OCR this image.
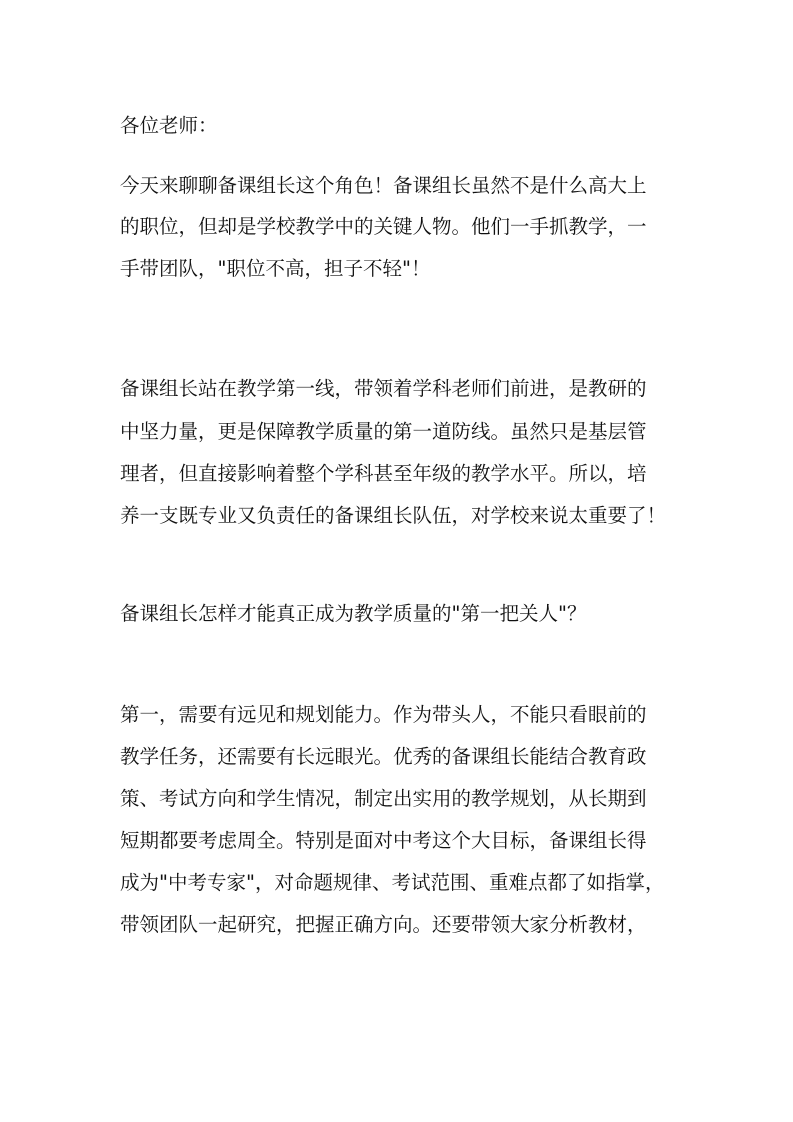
各位老师：
今天来聊聊备课组长这个角色！备课组长虽然不是什么高大上
的职位，但却是学校教学中的关键人物。他们一手抓教学，一
手带团队，"职位不高，担子不轻"！
备课组长站在教学第一线，带领着学科老师们前进，是教研的
中坚力量，更是保障教学质量的第一道防线。虽然只是基层管
理者，但直接影响着整个学科甚至年级的教学水平。所以，培
养一支既专业又负责任的备课组长队伍，对学校来说太重要了！
备课组长怎样才能真正成为教学质量的"第一把关人"？
第一，需要有远见和规划能力。作为带头人，不能只看眼前的
教学任务，还需要有长远眼光。优秀的备课组长能结合教育政
策、考试方向和学生情况，制定出实用的教学规划，从长期到
短期都要考虑周全。特别是面对中考这个大目标，备课组长得
成为"中考专家"，对命题规律、考试范围、重难点都了如指掌，
带领团队一起研究，把握正确方向。还要带领大家分析教材，
